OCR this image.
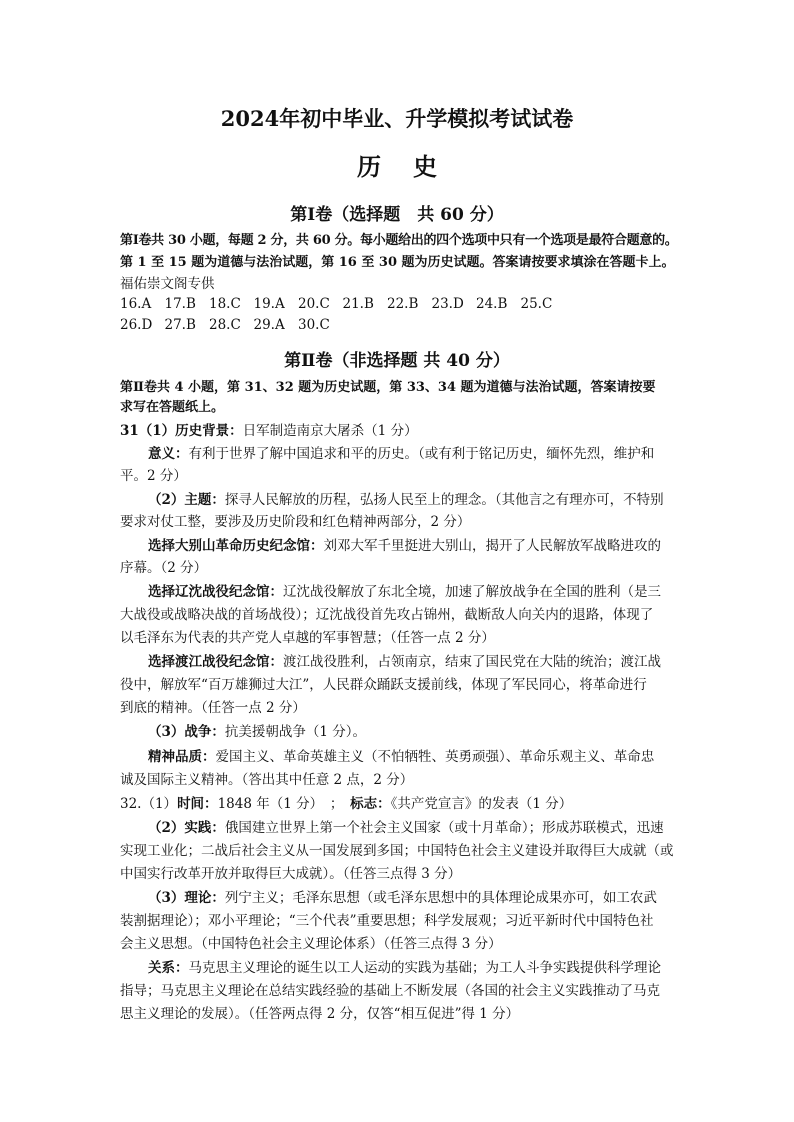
2024年初中毕业、升学模拟考试试卷
历史
第Ⅰ卷（选择题　共 60 分）
第Ⅰ卷共 30 小题，每题 2 分，共 60 分。每小题给出的四个选项中只有一个选项是最符合题意的。
第 1 至 15 题为道德与法治试题，第 16 至 30 题为历史试题。答案请按要求填涂在答题卡上。
福佑崇文阁专供
16.A 17.B 18.C 19.A 20.C 21.B 22.B 23.D 24.B 25.C
26.D 27.B 28.C 29.A 30.C
第Ⅱ卷（非选择题 共 40 分）
第Ⅱ卷共 4 小题，第 31、32 题为历史试题，第 33、34 题为道德与法治试题，答案请按要
求写在答题纸上。
31（1）历史背景：日军制造南京大屠杀（1 分）
意义：有利于世界了解中国追求和平的历史。（或有利于铭记历史，缅怀先烈，维护和
平。2 分）
（2）主题：探寻人民解放的历程，弘扬人民至上的理念。（其他言之有理亦可，不特别
要求对仗工整，要涉及历史阶段和红色精神两部分，2 分）
选择大别山革命历史纪念馆：刘邓大军千里挺进大别山，揭开了人民解放军战略进攻的
序幕。（2 分）
选择辽沈战役纪念馆：辽沈战役解放了东北全境，加速了解放战争在全国的胜利（是三
大战役或战略决战的首场战役）；辽沈战役首先攻占锦州，截断敌人向关内的退路，体现了
以毛泽东为代表的共产党人卓越的军事智慧；（任答一点 2 分）
选择渡江战役纪念馆：渡江战役胜利，占领南京，结束了国民党在大陆的统治；渡江战
役中，解放军“百万雄狮过大江”，人民群众踊跃支援前线，体现了军民同心，将革命进行
到底的精神。（任答一点 2 分）
（3）战争：抗美援朝战争（1 分）。
精神品质：爱国主义、革命英雄主义（不怕牺牲、英勇顽强）、革命乐观主义、革命忠
诚及国际主义精神。（答出其中任意 2 点，2 分）
32.（1）时间：1848 年（1 分）　；　标志：《共产党宣言》的发表（1 分）
（2）实践：俄国建立世界上第一个社会主义国家（或十月革命）；形成苏联模式，迅速
实现工业化；二战后社会主义从一国发展到多国；中国特色社会主义建设并取得巨大成就（或
中国实行改革开放并取得巨大成就）。（任答三点得 3 分）
（3）理论：列宁主义；毛泽东思想（或毛泽东思想中的具体理论成果亦可，如工农武
装割据理论）；邓小平理论；“三个代表”重要思想；科学发展观；习近平新时代中国特色社
会主义思想。（中国特色社会主义理论体系）（任答三点得 3 分）
关系：马克思主义理论的诞生以工人运动的实践为基础；为工人斗争实践提供科学理论
指导；马克思主义理论在总结实践经验的基础上不断发展（各国的社会主义实践推动了马克
思主义理论的发展）。（任答两点得 2 分，仅答“相互促进”得 1 分）
